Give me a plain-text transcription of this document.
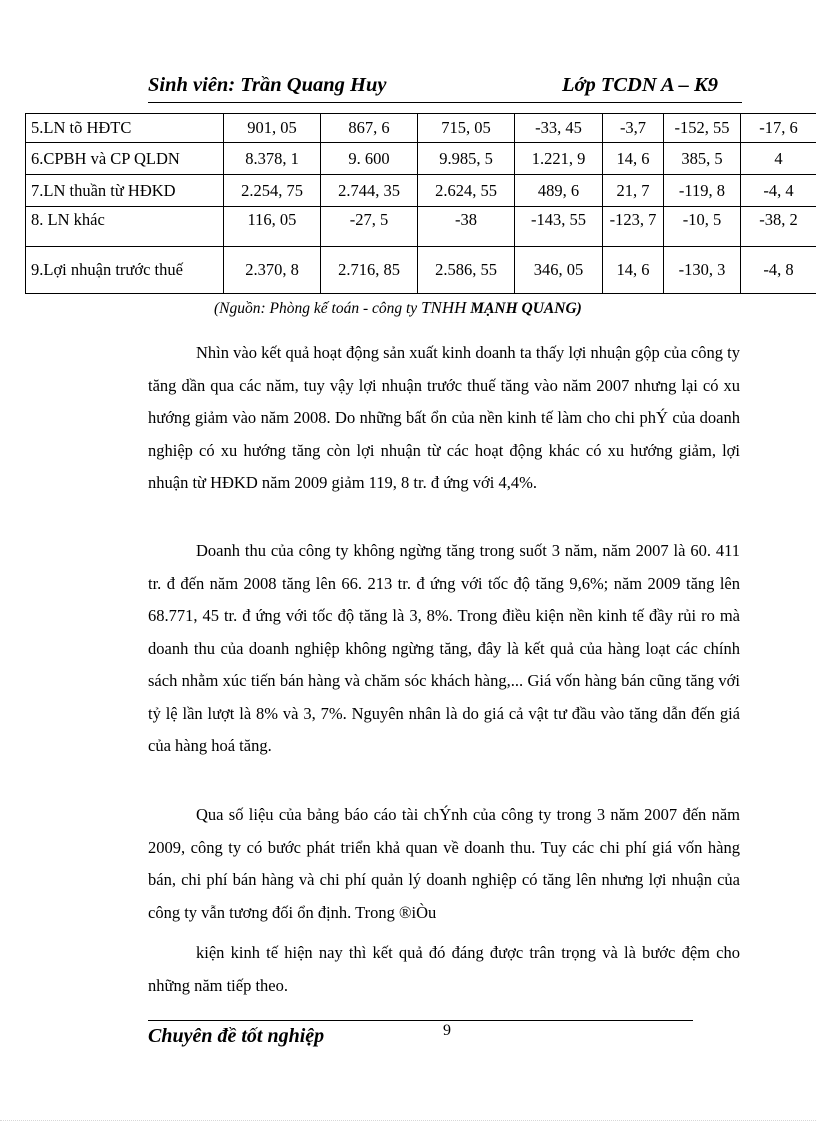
Sinh viên: Trần Quang Huy	Lớp TCDN A – K9
5.LN tõ HĐTC	901, 05	867, 6	715, 05	-33, 45	-3,7	-152, 55	-17, 6
6.CPBH và CP QLDN	8.378, 1	9. 600	9.985, 5	1.221, 9	14, 6	385, 5	4
7.LN thuần từ HĐKD	2.254, 75	2.744, 35	2.624, 55	489, 6	21, 7	-119, 8	-4, 4
8. LN khác	116, 05	-27, 5	-38	-143, 55	-123, 7	-10, 5	-38, 2
9.Lợi nhuận trước thuế	2.370, 8	2.716, 85	2.586, 55	346, 05	14, 6	-130, 3	-4, 8
(Nguồn: Phòng kế toán - công ty TNHH MẠNH QUANG)

Nhìn vào kết quả hoạt động sản xuất kinh doanh ta thấy lợi nhuận gộp của công ty tăng dần qua các năm, tuy vậy lợi nhuận trước thuế tăng vào năm 2007 nhưng lại có xu hướng giảm vào năm 2008. Do những bất ổn của nền kinh tế làm cho chi phÝ của doanh nghiệp có xu hướng tăng còn lợi nhuận từ các hoạt động khác có xu hướng giảm, lợi nhuận từ HĐKD năm 2009 giảm 119, 8 tr. đ ứng với 4,4%.

Doanh thu của công ty không ngừng tăng trong suốt 3 năm, năm 2007 là 60. 411 tr. đ đến năm 2008 tăng lên 66. 213 tr. đ ứng với tốc độ tăng 9,6%; năm 2009 tăng lên 68.771, 45 tr. đ ứng với tốc độ tăng là 3, 8%. Trong điều kiện nền kinh tế đầy rủi ro mà doanh thu của doanh nghiệp không ngừng tăng, đây là kết quả của hàng loạt các chính sách nhằm xúc tiến bán hàng và chăm sóc khách hàng,... Giá vốn hàng bán cũng tăng với tỷ lệ lần lượt là 8% và 3, 7%. Nguyên nhân là do giá cả vật tư đầu vào tăng dẫn đến giá của hàng hoá tăng.

Qua số liệu của bảng báo cáo tài chÝnh của công ty trong 3 năm 2007 đến năm 2009, công ty có bước phát triển khả quan về doanh thu. Tuy các chi phí giá vốn hàng bán, chi phí bán hàng và chi phí quản lý doanh nghiệp có tăng lên nhưng lợi nhuận của công ty vẫn tương đối ổn định. Trong ®iÒu

kiện kinh tế hiện nay thì kết quả đó đáng được trân trọng và là bước đệm cho những năm tiếp theo.

Chuyên đề tốt nghiệp	9
